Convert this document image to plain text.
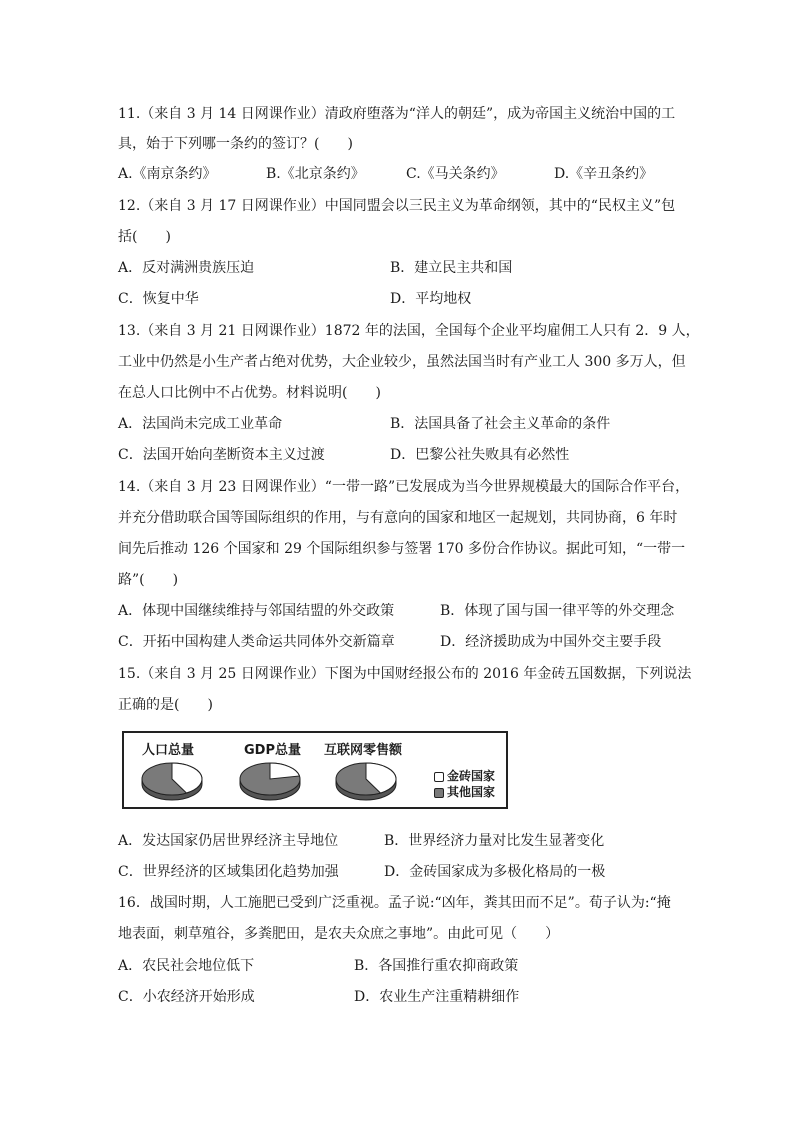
11.（来自 3 月 14 日网课作业）清政府堕落为“洋人的朝廷”，成为帝国主义统治中国的工
具，始于下列哪一条约的签订？(　　)
A.《南京条约》	B.《北京条约》	C.《马关条约》	D.《辛丑条约》
12.（来自 3 月 17 日网课作业）中国同盟会以三民主义为革命纲领，其中的“民权主义”包
括(　　)
A．反对满洲贵族压迫	B．建立民主共和国
C．恢复中华	D．平均地权
13.（来自 3 月 21 日网课作业）1872 年的法国，全国每个企业平均雇佣工人只有 2．9 人，
工业中仍然是小生产者占绝对优势，大企业较少，虽然法国当时有产业工人 300 多万人，但
在总人口比例中不占优势。材料说明(　　)
A．法国尚未完成工业革命	B．法国具备了社会主义革命的条件
C．法国开始向垄断资本主义过渡	D．巴黎公社失败具有必然性
14.（来自 3 月 23 日网课作业）“一带一路”已发展成为当今世界规模最大的国际合作平台，
并充分借助联合国等国际组织的作用，与有意向的国家和地区一起规划，共同协商，6 年时
间先后推动 126 个国家和 29 个国际组织参与签署 170 多份合作协议。据此可知，“一带一
路”(　　)
A．体现中国继续维持与邻国结盟的外交政策	B．体现了国与国一律平等的外交理念
C．开拓中国构建人类命运共同体外交新篇章	D．经济援助成为中国外交主要手段
15.（来自 3 月 25 日网课作业）下图为中国财经报公布的 2016 年金砖五国数据，下列说法
正确的是(　　)
人口总量	GDP总量 互联网零售额
金砖国家
其他国家
A．发达国家仍居世界经济主导地位	B．世界经济力量对比发生显著变化
C．世界经济的区域集团化趋势加强	D．金砖国家成为多极化格局的一极
16．战国时期，人工施肥已受到广泛重视。孟子说:“凶年，粪其田而不足”。荀子认为:“掩
地表面，刺草殖谷，多粪肥田，是农夫众庶之事地”。由此可见（　　）
A．农民社会地位低下	B．各国推行重农抑商政策
C．小农经济开始形成	D．农业生产注重精耕细作
